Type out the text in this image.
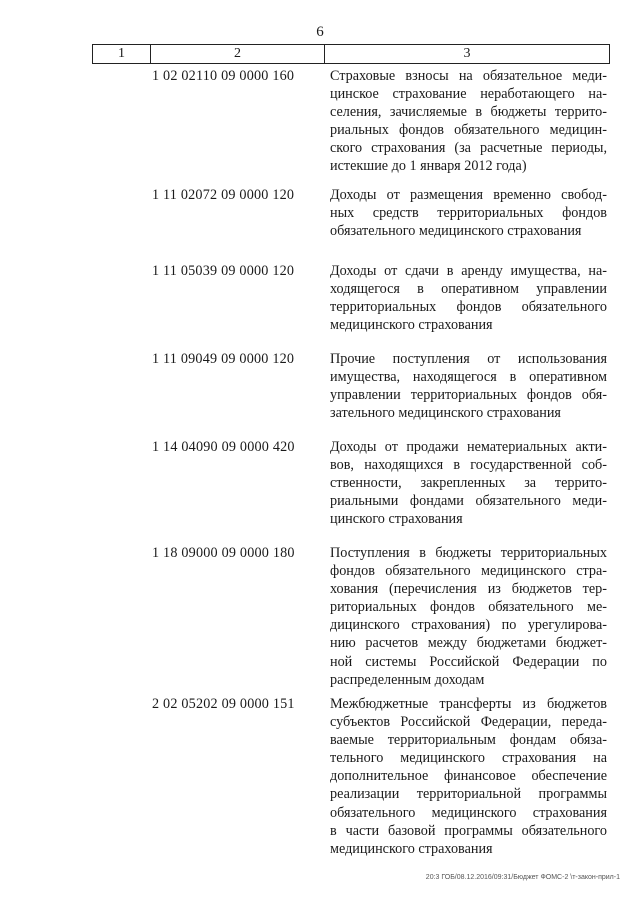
6
1	2	3
1 02 02110 09 0000 160	Страховые взносы на обязательное меди-
цинское страхование неработающего на-
селения, зачисляемые в бюджеты террито-
риальных фондов обязательного медицин-
ского страхования (за расчетные периоды,
истекшие до 1 января 2012 года)
1 11 02072 09 0000 120	Доходы от размещения временно свобод-
ных средств территориальных фондов
обязательного медицинского страхования
1 11 05039 09 0000 120	Доходы от сдачи в аренду имущества, на-
ходящегося в оперативном управлении
территориальных фондов обязательного
медицинского страхования
1 11 09049 09 0000 120	Прочие поступления от использования
имущества, находящегося в оперативном
управлении территориальных фондов обя-
зательного медицинского страхования
1 14 04090 09 0000 420	Доходы от продажи нематериальных акти-
вов, находящихся в государственной соб-
ственности, закрепленных за террито-
риальными фондами обязательного меди-
цинского страхования
1 18 09000 09 0000 180	Поступления в бюджеты территориальных
фондов обязательного медицинского стра-
хования (перечисления из бюджетов тер-
риториальных фондов обязательного ме-
дицинского страхования) по урегулирова-
нию расчетов между бюджетами бюджет-
ной системы Российской Федерации по
распределенным доходам
2 02 05202 09 0000 151	Межбюджетные трансферты из бюджетов
субъектов Российской Федерации, переда-
ваемые территориальным фондам обяза-
тельного медицинского страхования на
дополнительное финансовое обеспечение
реализации территориальной программы
обязательного медицинского страхования
в части базовой программы обязательного
медицинского страхования
20:3 ГОБ/08.12.2016/09:31/Бюджет ФОМС-2 \т-закон-прил-1
